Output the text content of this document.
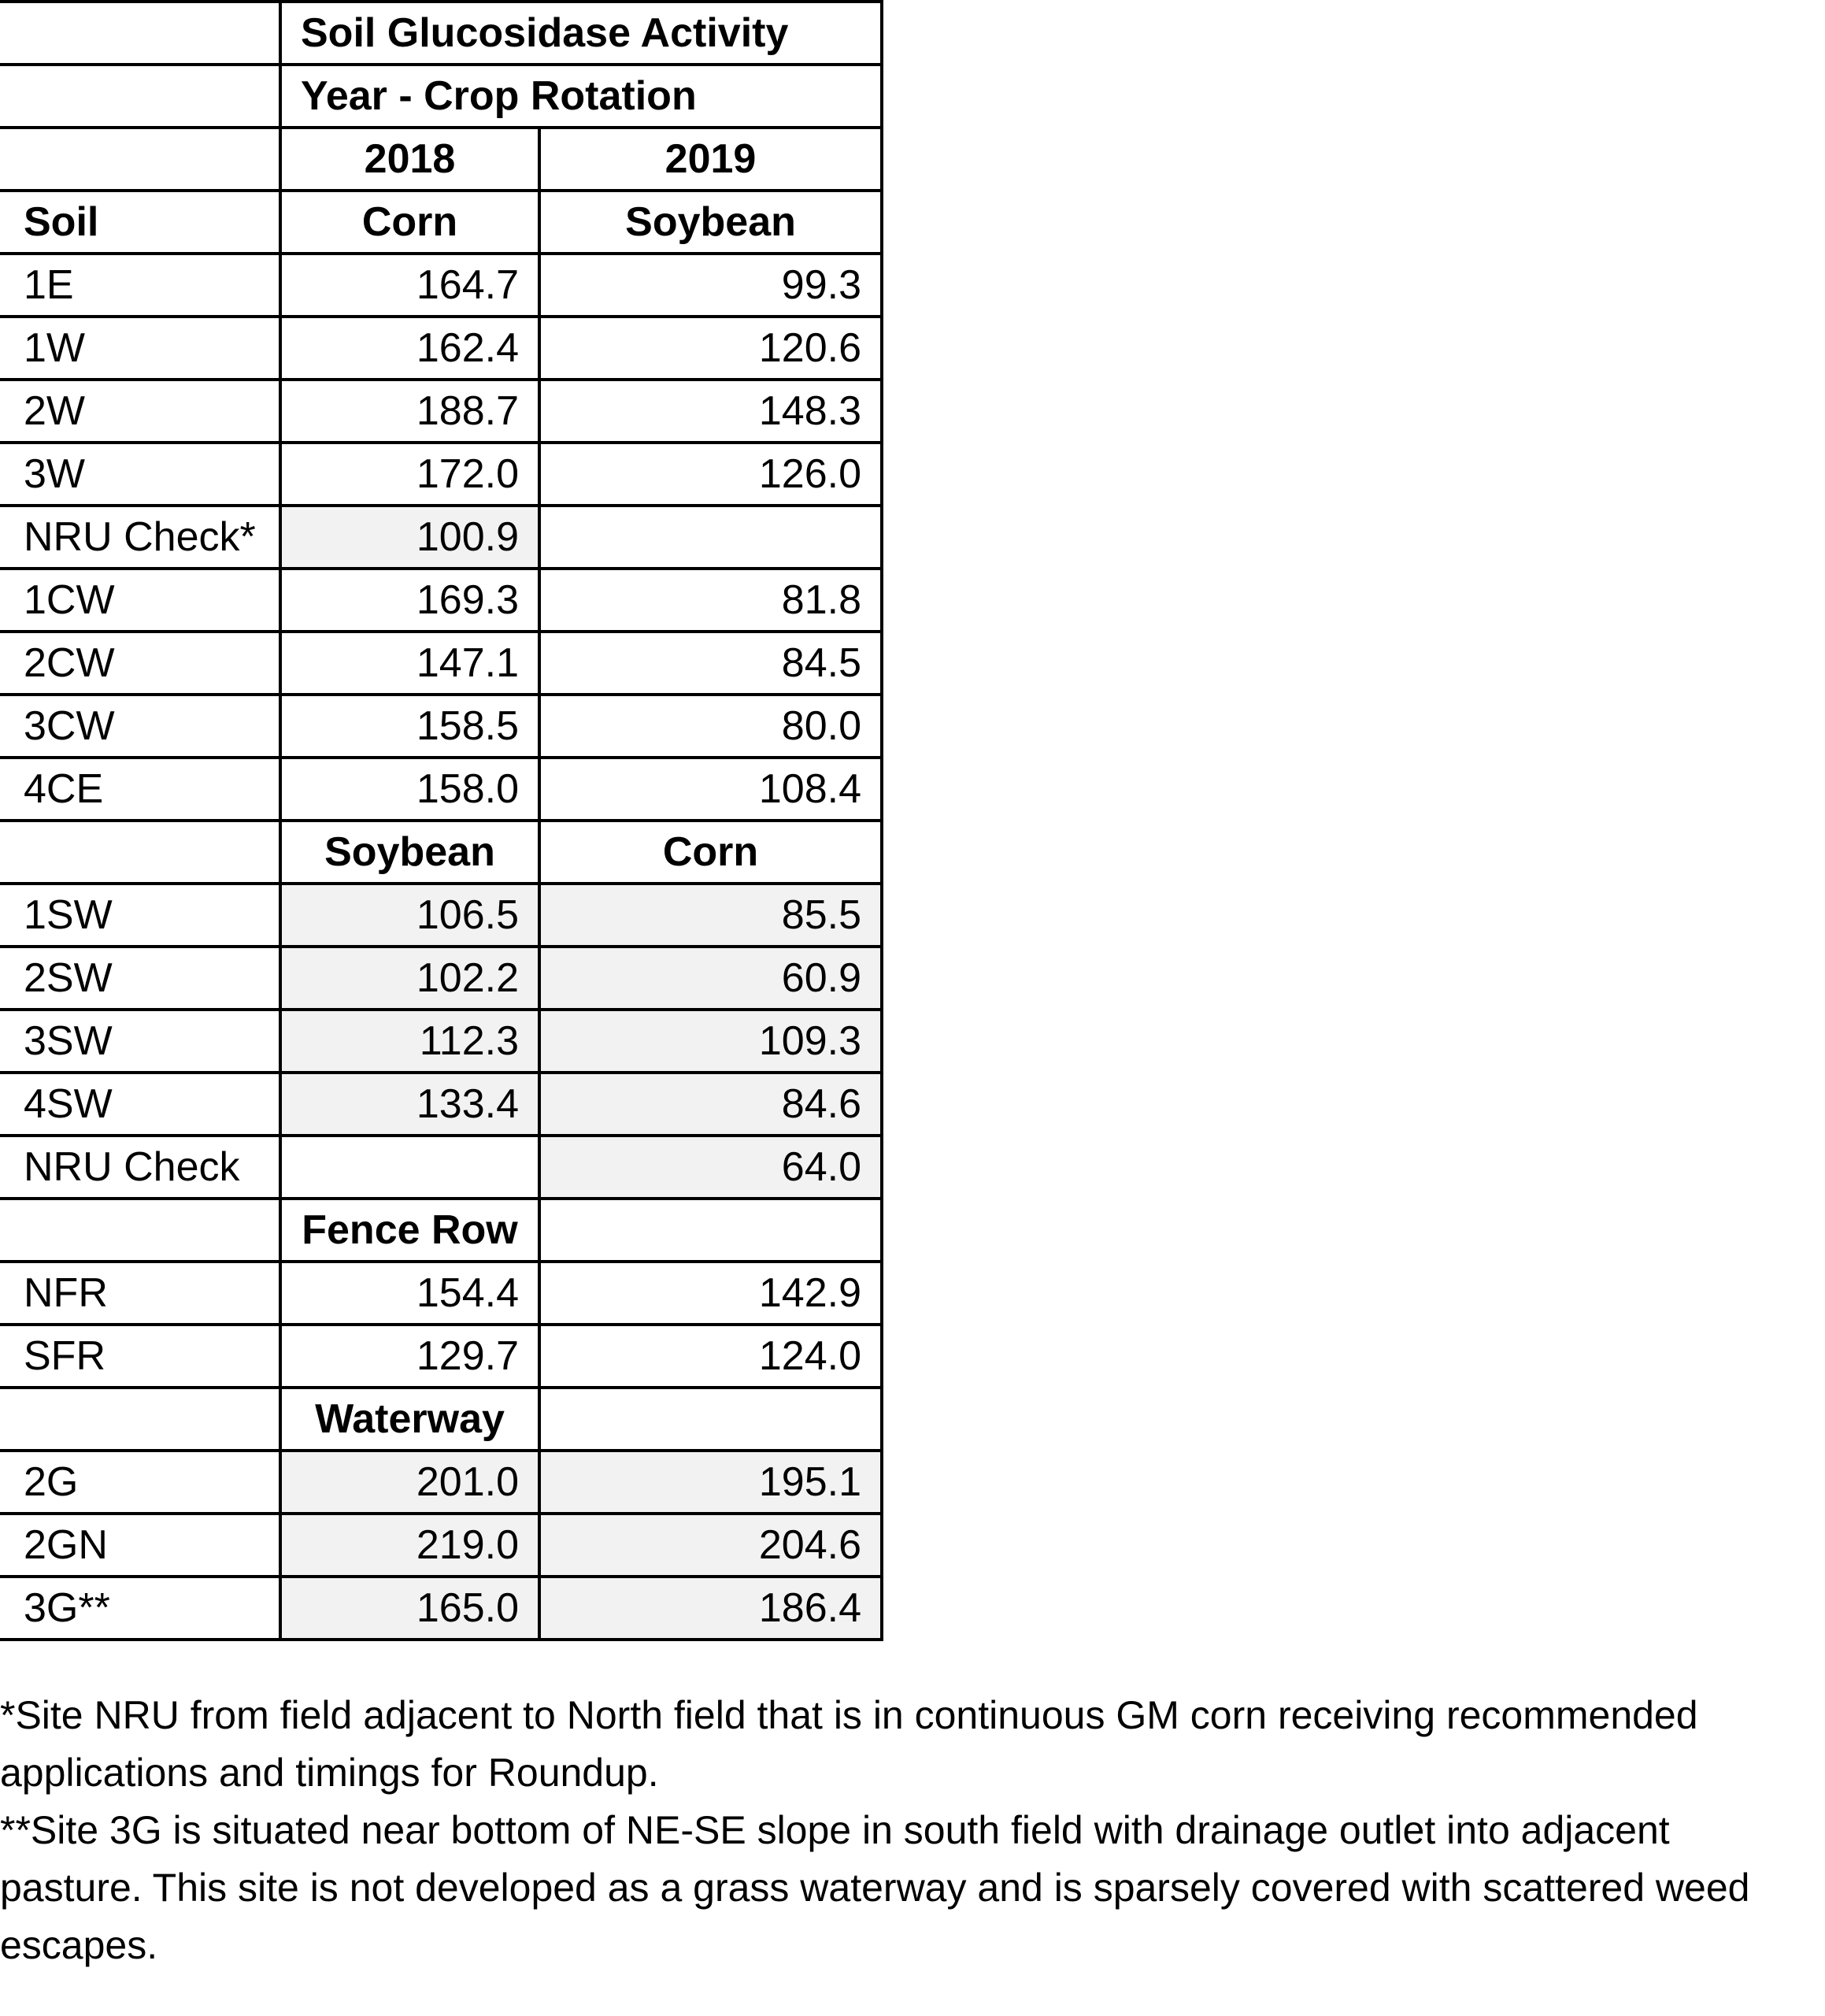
	Soil Glucosidase Activity	
	Year - Crop Rotation	
	2018	2019
Soil	Corn	Soybean
1E	164.7	99.3
1W	162.4	120.6
2W	188.7	148.3
3W	172.0	126.0
NRU Check*	100.9	
1CW	169.3	81.8
2CW	147.1	84.5
3CW	158.5	80.0
4CE	158.0	108.4
	Soybean	Corn
1SW	106.5	85.5
2SW	102.2	60.9
3SW	112.3	109.3
4SW	133.4	84.6
NRU Check		64.0
	Fence Row	
NFR	154.4	142.9
SFR	129.7	124.0
	Waterway	
2G	201.0	195.1
2GN	219.0	204.6
3G**	165.0	186.4

*Site NRU from field adjacent to North field that is in continuous GM corn receiving recommended applications and timings for Roundup.

**Site 3G is situated near bottom of NE-SE slope in south field with drainage outlet into adjacent pasture. This site is not developed as a grass waterway and is sparsely covered with scattered weed escapes.
